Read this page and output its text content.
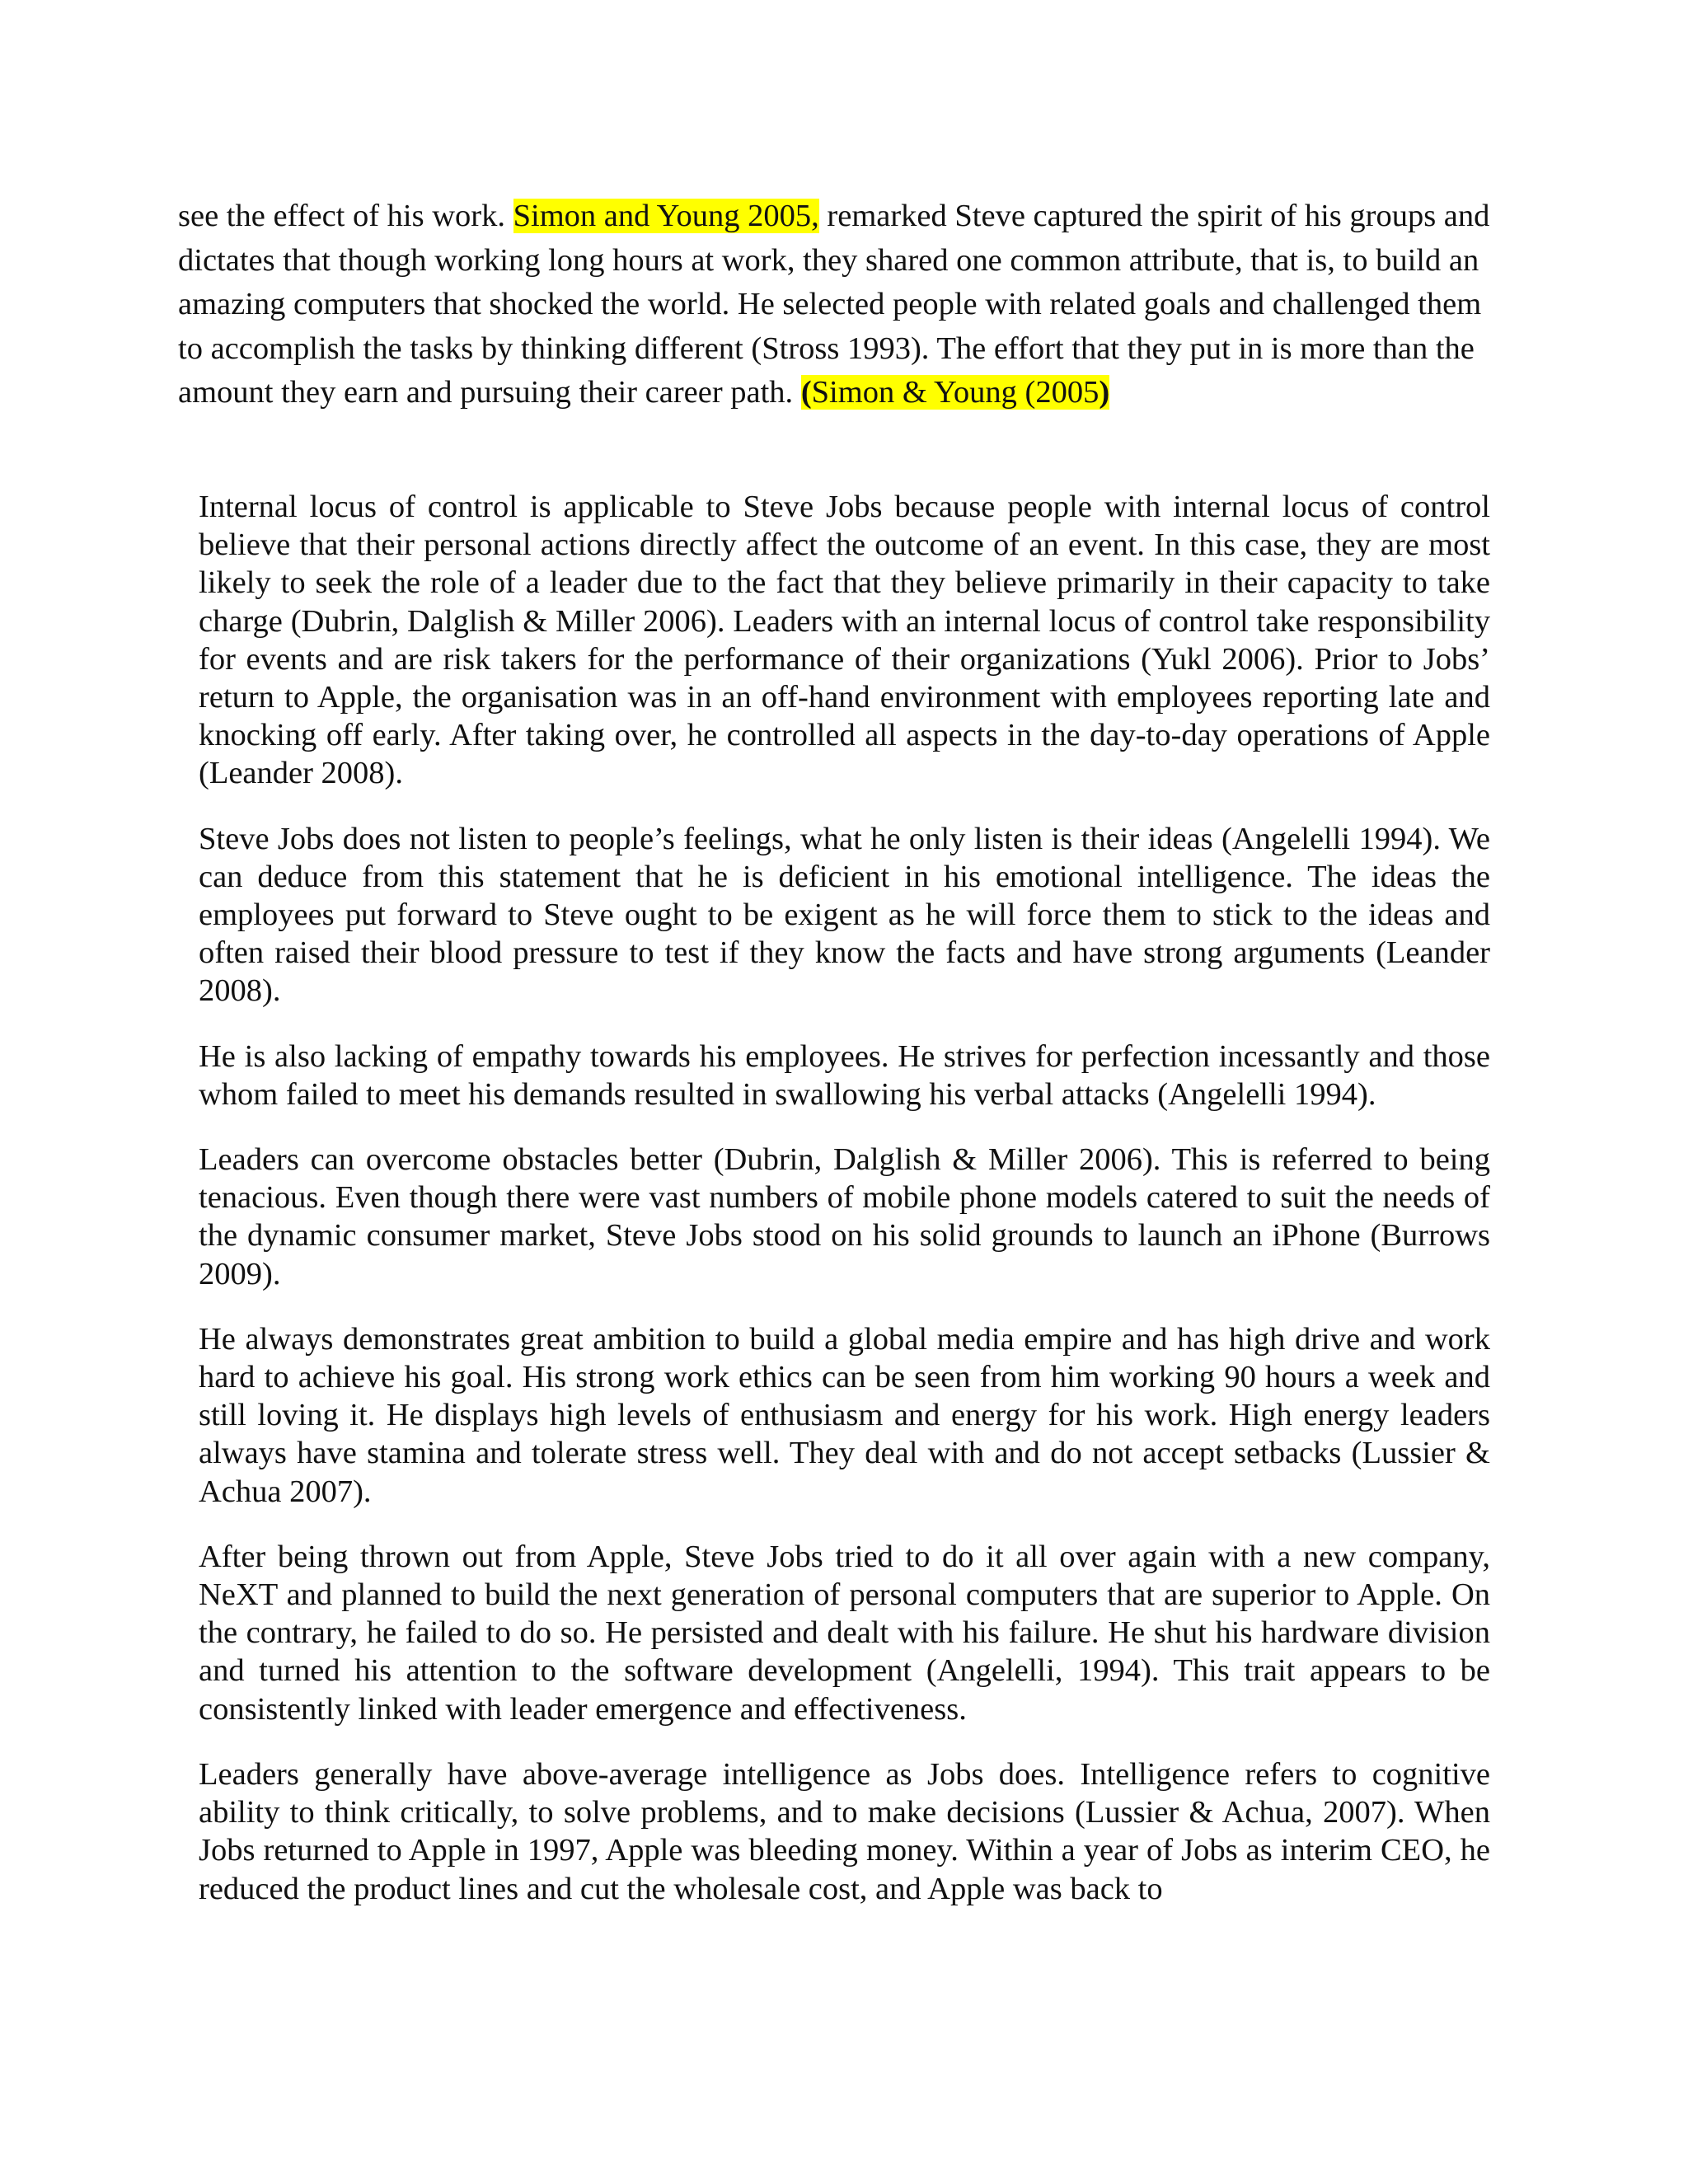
see the effect of his work. Simon and Young 2005, remarked Steve captured the spirit of his groups and dictates that though working long hours at work, they shared one common attribute, that is, to build an amazing computers that shocked the world. He selected people with related goals and challenged them to accomplish the tasks by thinking different (Stross 1993). The effort that they put in is more than the amount they earn and pursuing their career path. (Simon & Young (2005)

Internal locus of control is applicable to Steve Jobs because people with internal locus of control believe that their personal actions directly affect the outcome of an event. In this case, they are most likely to seek the role of a leader due to the fact that they believe primarily in their capacity to take charge (Dubrin, Dalglish & Miller 2006). Leaders with an internal locus of control take responsibility for events and are risk takers for the performance of their organizations (Yukl 2006). Prior to Jobs’ return to Apple, the organisation was in an off-hand environment with employees reporting late and knocking off early. After taking over, he controlled all aspects in the day-to-day operations of Apple (Leander 2008).

Steve Jobs does not listen to people’s feelings, what he only listen is their ideas (Angelelli 1994). We can deduce from this statement that he is deficient in his emotional intelligence. The ideas the employees put forward to Steve ought to be exigent as he will force them to stick to the ideas and often raised their blood pressure to test if they know the facts and have strong arguments (Leander 2008).

He is also lacking of empathy towards his employees. He strives for perfection incessantly and those whom failed to meet his demands resulted in swallowing his verbal attacks (Angelelli 1994).

Leaders can overcome obstacles better (Dubrin, Dalglish & Miller 2006). This is referred to being tenacious. Even though there were vast numbers of mobile phone models catered to suit the needs of the dynamic consumer market, Steve Jobs stood on his solid grounds to launch an iPhone (Burrows 2009).

He always demonstrates great ambition to build a global media empire and has high drive and work hard to achieve his goal. His strong work ethics can be seen from him working 90 hours a week and still loving it. He displays high levels of enthusiasm and energy for his work. High energy leaders always have stamina and tolerate stress well. They deal with and do not accept setbacks (Lussier & Achua 2007).

After being thrown out from Apple, Steve Jobs tried to do it all over again with a new company, NeXT and planned to build the next generation of personal computers that are superior to Apple. On the contrary, he failed to do so. He persisted and dealt with his failure. He shut his hardware division and turned his attention to the software development (Angelelli, 1994). This trait appears to be consistently linked with leader emergence and effectiveness.

Leaders generally have above-average intelligence as Jobs does. Intelligence refers to cognitive ability to think critically, to solve problems, and to make decisions (Lussier & Achua, 2007). When Jobs returned to Apple in 1997, Apple was bleeding money. Within a year of Jobs as interim CEO, he reduced the product lines and cut the wholesale cost, and Apple was back to
